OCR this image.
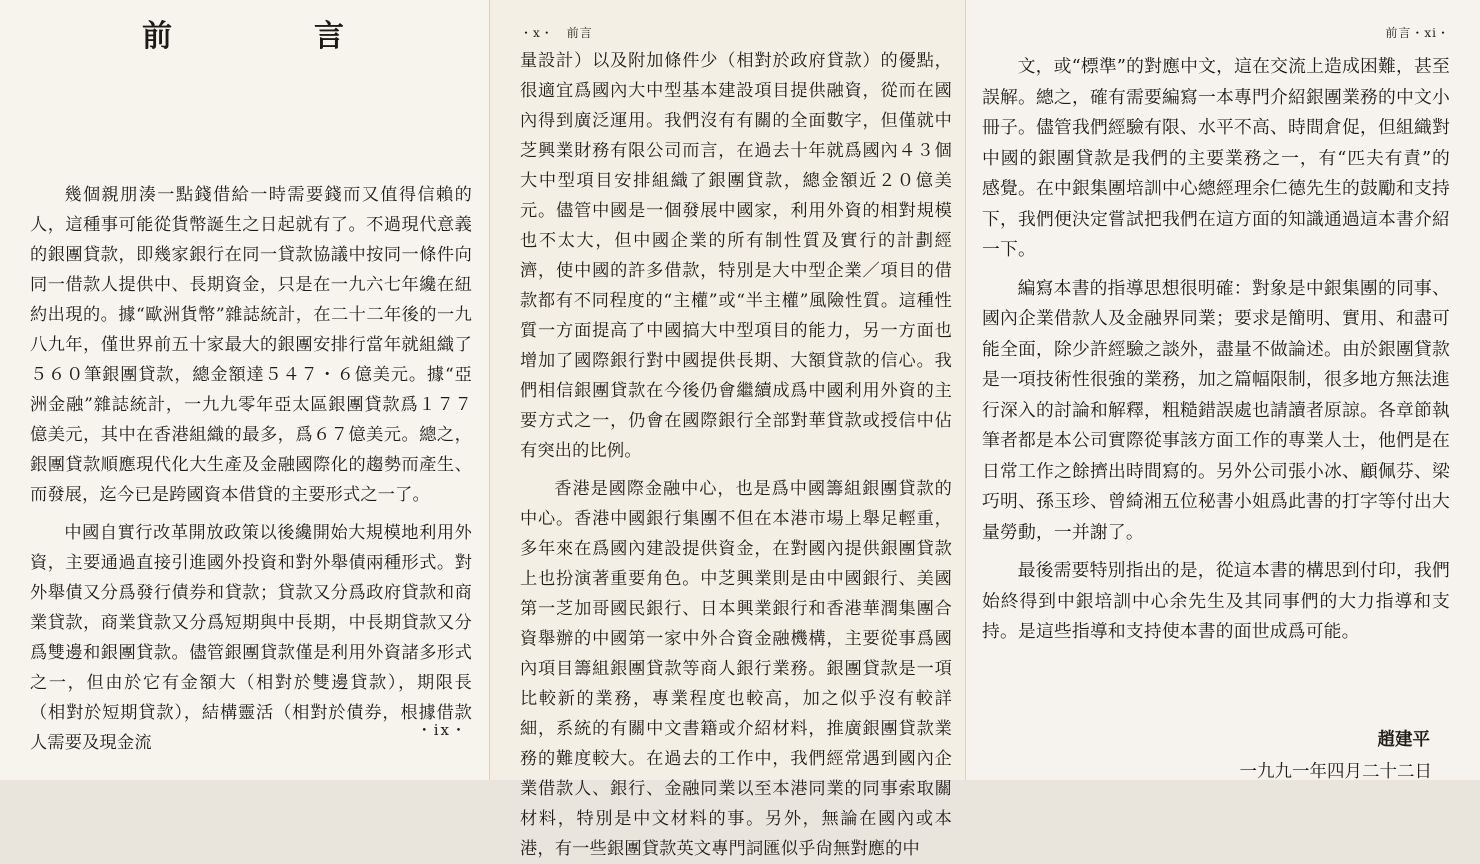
前　言

幾個親朋湊一點錢借給一時需要錢而又值得信賴的人，這種事可能從貨幣誕生之日起就有了。不過現代意義的銀團貸款，即幾家銀行在同一貸款協議中按同一條件向同一借款人提供中、長期資金，只是在一九六七年纔在紐約出現的。據“歐洲貨幣”雜誌統計，在二十二年後的一九八九年，僅世界前五十家最大的銀團安排行當年就組織了５６０筆銀團貸款，總金額達５４７・６億美元。據“亞洲金融”雜誌統計，一九九零年亞太區銀團貸款爲１７７億美元，其中在香港組織的最多，爲６７億美元。總之，銀團貸款順應現代化大生產及金融國際化的趨勢而產生、而發展，迄今已是跨國資本借貸的主要形式之一了。

中國自實行改革開放政策以後纔開始大規模地利用外資，主要通過直接引進國外投資和對外舉債兩種形式。對外舉債又分爲發行債券和貸款；貸款又分爲政府貸款和商業貸款，商業貸款又分爲短期與中長期，中長期貸款又分爲雙邊和銀團貸款。儘管銀團貸款僅是利用外資諸多形式之一，但由於它有金額大（相對於雙邊貸款），期限長（相對於短期貸款），結構靈活（相對於債券，根據借款人需要及現金流

・ix・
・x・　前言

量設計）以及附加條件少（相對於政府貸款）的優點，很適宜爲國內大中型基本建設項目提供融資，從而在國內得到廣泛運用。我們沒有有關的全面數字，但僅就中芝興業財務有限公司而言，在過去十年就爲國內４３個大中型項目安排組織了銀團貸款，總金額近２０億美元。儘管中國是一個發展中國家，利用外資的相對規模也不太大，但中國企業的所有制性質及實行的計劃經濟，使中國的許多借款，特別是大中型企業／項目的借款都有不同程度的“主權”或“半主權”風險性質。這種性質一方面提高了中國搞大中型項目的能力，另一方面也增加了國際銀行對中國提供長期、大額貸款的信心。我們相信銀團貸款在今後仍會繼續成爲中國利用外資的主要方式之一，仍會在國際銀行全部對華貸款或授信中佔有突出的比例。

香港是國際金融中心，也是爲中國籌組銀團貸款的中心。香港中國銀行集團不但在本港市場上舉足輕重，多年來在爲國內建設提供資金，在對國內提供銀團貸款上也扮演著重要角色。中芝興業則是由中國銀行、美國第一芝加哥國民銀行、日本興業銀行和香港華潤集團合資舉辦的中國第一家中外合資金融機構，主要從事爲國內項目籌組銀團貸款等商人銀行業務。銀團貸款是一項比較新的業務，專業程度也較高，加之似乎沒有較詳細，系統的有關中文書籍或介紹材料，推廣銀團貸款業務的難度較大。在過去的工作中，我們經常遇到國內企業借款人、銀行、金融同業以至本港同業的同事索取關材料，特別是中文材料的事。另外，無論在國內或本港，有一些銀團貸款英文專門詞匯似乎尙無對應的中

前言・xi・

文，或“標準”的對應中文，這在交流上造成困難，甚至誤解。總之，確有需要編寫一本專門介紹銀團業務的中文小冊子。儘管我們經驗有限、水平不高、時間倉促，但組織對中國的銀團貸款是我們的主要業務之一，有“匹夫有責”的感覺。在中銀集團培訓中心總經理余仁德先生的鼓勵和支持下，我們便決定嘗試把我們在這方面的知識通過這本書介紹一下。

編寫本書的指導思想很明確：對象是中銀集團的同事、國內企業借款人及金融界同業；要求是簡明、實用、和盡可能全面，除少許經驗之談外，盡量不做論述。由於銀團貸款是一項技術性很強的業務，加之篇幅限制，很多地方無法進行深入的討論和解釋，粗糙錯誤處也請讀者原諒。各章節執筆者都是本公司實際從事該方面工作的專業人士，他們是在日常工作之餘擠出時間寫的。另外公司張小冰、顧佩芬、梁巧明、孫玉珍、曾綺湘五位秘書小姐爲此書的打字等付出大量勞動，一并謝了。

最後需要特別指出的是，從這本書的構思到付印，我們始終得到中銀培訓中心余先生及其同事們的大力指導和支持。是這些指導和支持使本書的面世成爲可能。

趙建平
一九九一年四月二十二日
